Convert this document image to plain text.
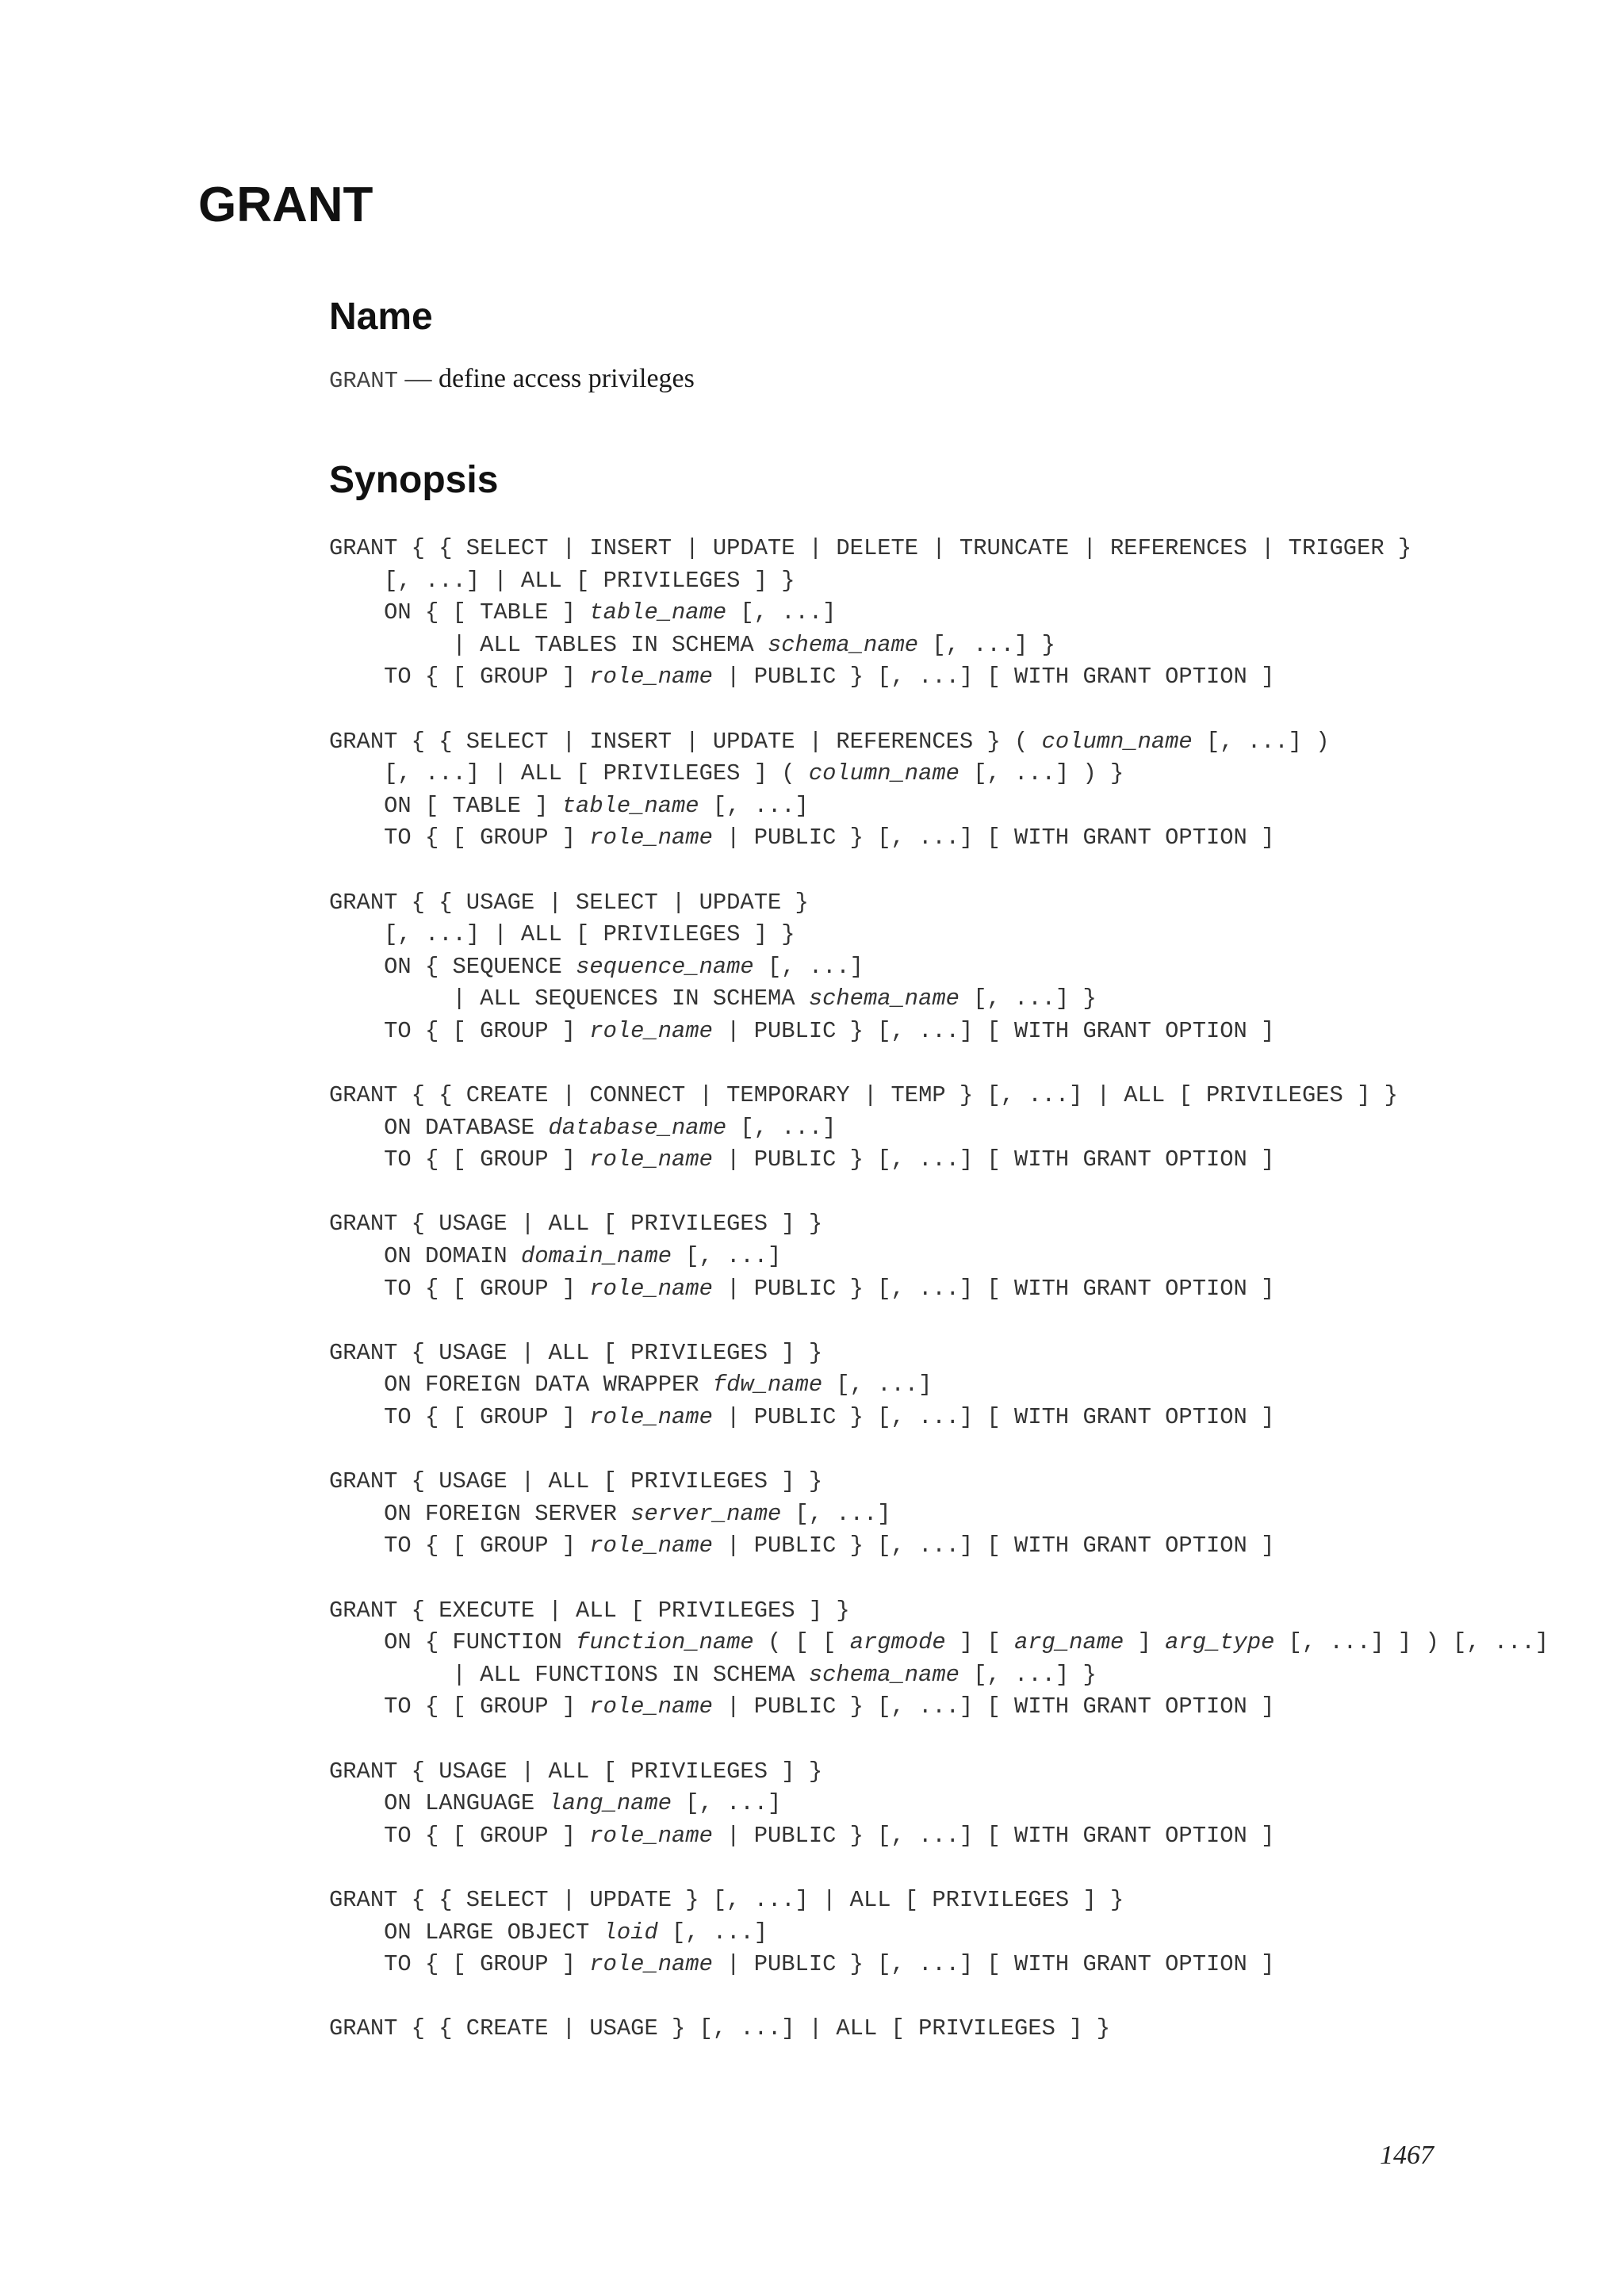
GRANT
Name

GRANT — define access privileges

Synopsis
GRANT { { SELECT | INSERT | UPDATE | DELETE | TRUNCATE | REFERENCES | TRIGGER }
[, ...] | ALL [ PRIVILEGES ] }
ON { [ TABLE ] table_name [, ...]
| ALL TABLES IN SCHEMA schema_name [, ...] }
TO { [ GROUP ] role_name | PUBLIC } [, ...] [ WITH GRANT OPTION ]
GRANT { { SELECT | INSERT | UPDATE | REFERENCES } ( column_name [, ...] )
[, ...] | ALL [ PRIVILEGES ] ( column_name [, ...] ) }
ON [ TABLE ] table_name [, ...]
TO { [ GROUP ] role_name | PUBLIC } [, ...] [ WITH GRANT OPTION ]
GRANT { { USAGE | SELECT | UPDATE }
[, ...] | ALL [ PRIVILEGES ] }
ON { SEQUENCE sequence_name [, ...]
| ALL SEQUENCES IN SCHEMA schema_name [, ...] }
TO { [ GROUP ] role_name | PUBLIC } [, ...] [ WITH GRANT OPTION ]
GRANT { { CREATE | CONNECT | TEMPORARY | TEMP } [, ...] | ALL [ PRIVILEGES ] }
ON DATABASE database_name [, ...]
TO { [ GROUP ] role_name | PUBLIC } [, ...] [ WITH GRANT OPTION ]
GRANT { USAGE | ALL [ PRIVILEGES ] }
ON DOMAIN domain_name [, ...]
TO { [ GROUP ] role_name | PUBLIC } [, ...] [ WITH GRANT OPTION ]
GRANT { USAGE | ALL [ PRIVILEGES ] }
ON FOREIGN DATA WRAPPER fdw_name [, ...]
TO { [ GROUP ] role_name | PUBLIC } [, ...] [ WITH GRANT OPTION ]
GRANT { USAGE | ALL [ PRIVILEGES ] }
ON FOREIGN SERVER server_name [, ...]
TO { [ GROUP ] role_name | PUBLIC } [, ...] [ WITH GRANT OPTION ]
GRANT { EXECUTE | ALL [ PRIVILEGES ] }
ON { FUNCTION function_name ( [ [ argmode ] [ arg_name ] arg_type [, ...] ] ) [, ...]
| ALL FUNCTIONS IN SCHEMA schema_name [, ...] }
TO { [ GROUP ] role_name | PUBLIC } [, ...] [ WITH GRANT OPTION ]
GRANT { USAGE | ALL [ PRIVILEGES ] }
ON LANGUAGE lang_name [, ...]
TO { [ GROUP ] role_name | PUBLIC } [, ...] [ WITH GRANT OPTION ]
GRANT { { SELECT | UPDATE } [, ...] | ALL [ PRIVILEGES ] }
ON LARGE OBJECT loid [, ...]
TO { [ GROUP ] role_name | PUBLIC } [, ...] [ WITH GRANT OPTION ]
GRANT { { CREATE | USAGE } [, ...] | ALL [ PRIVILEGES ] }

1467
